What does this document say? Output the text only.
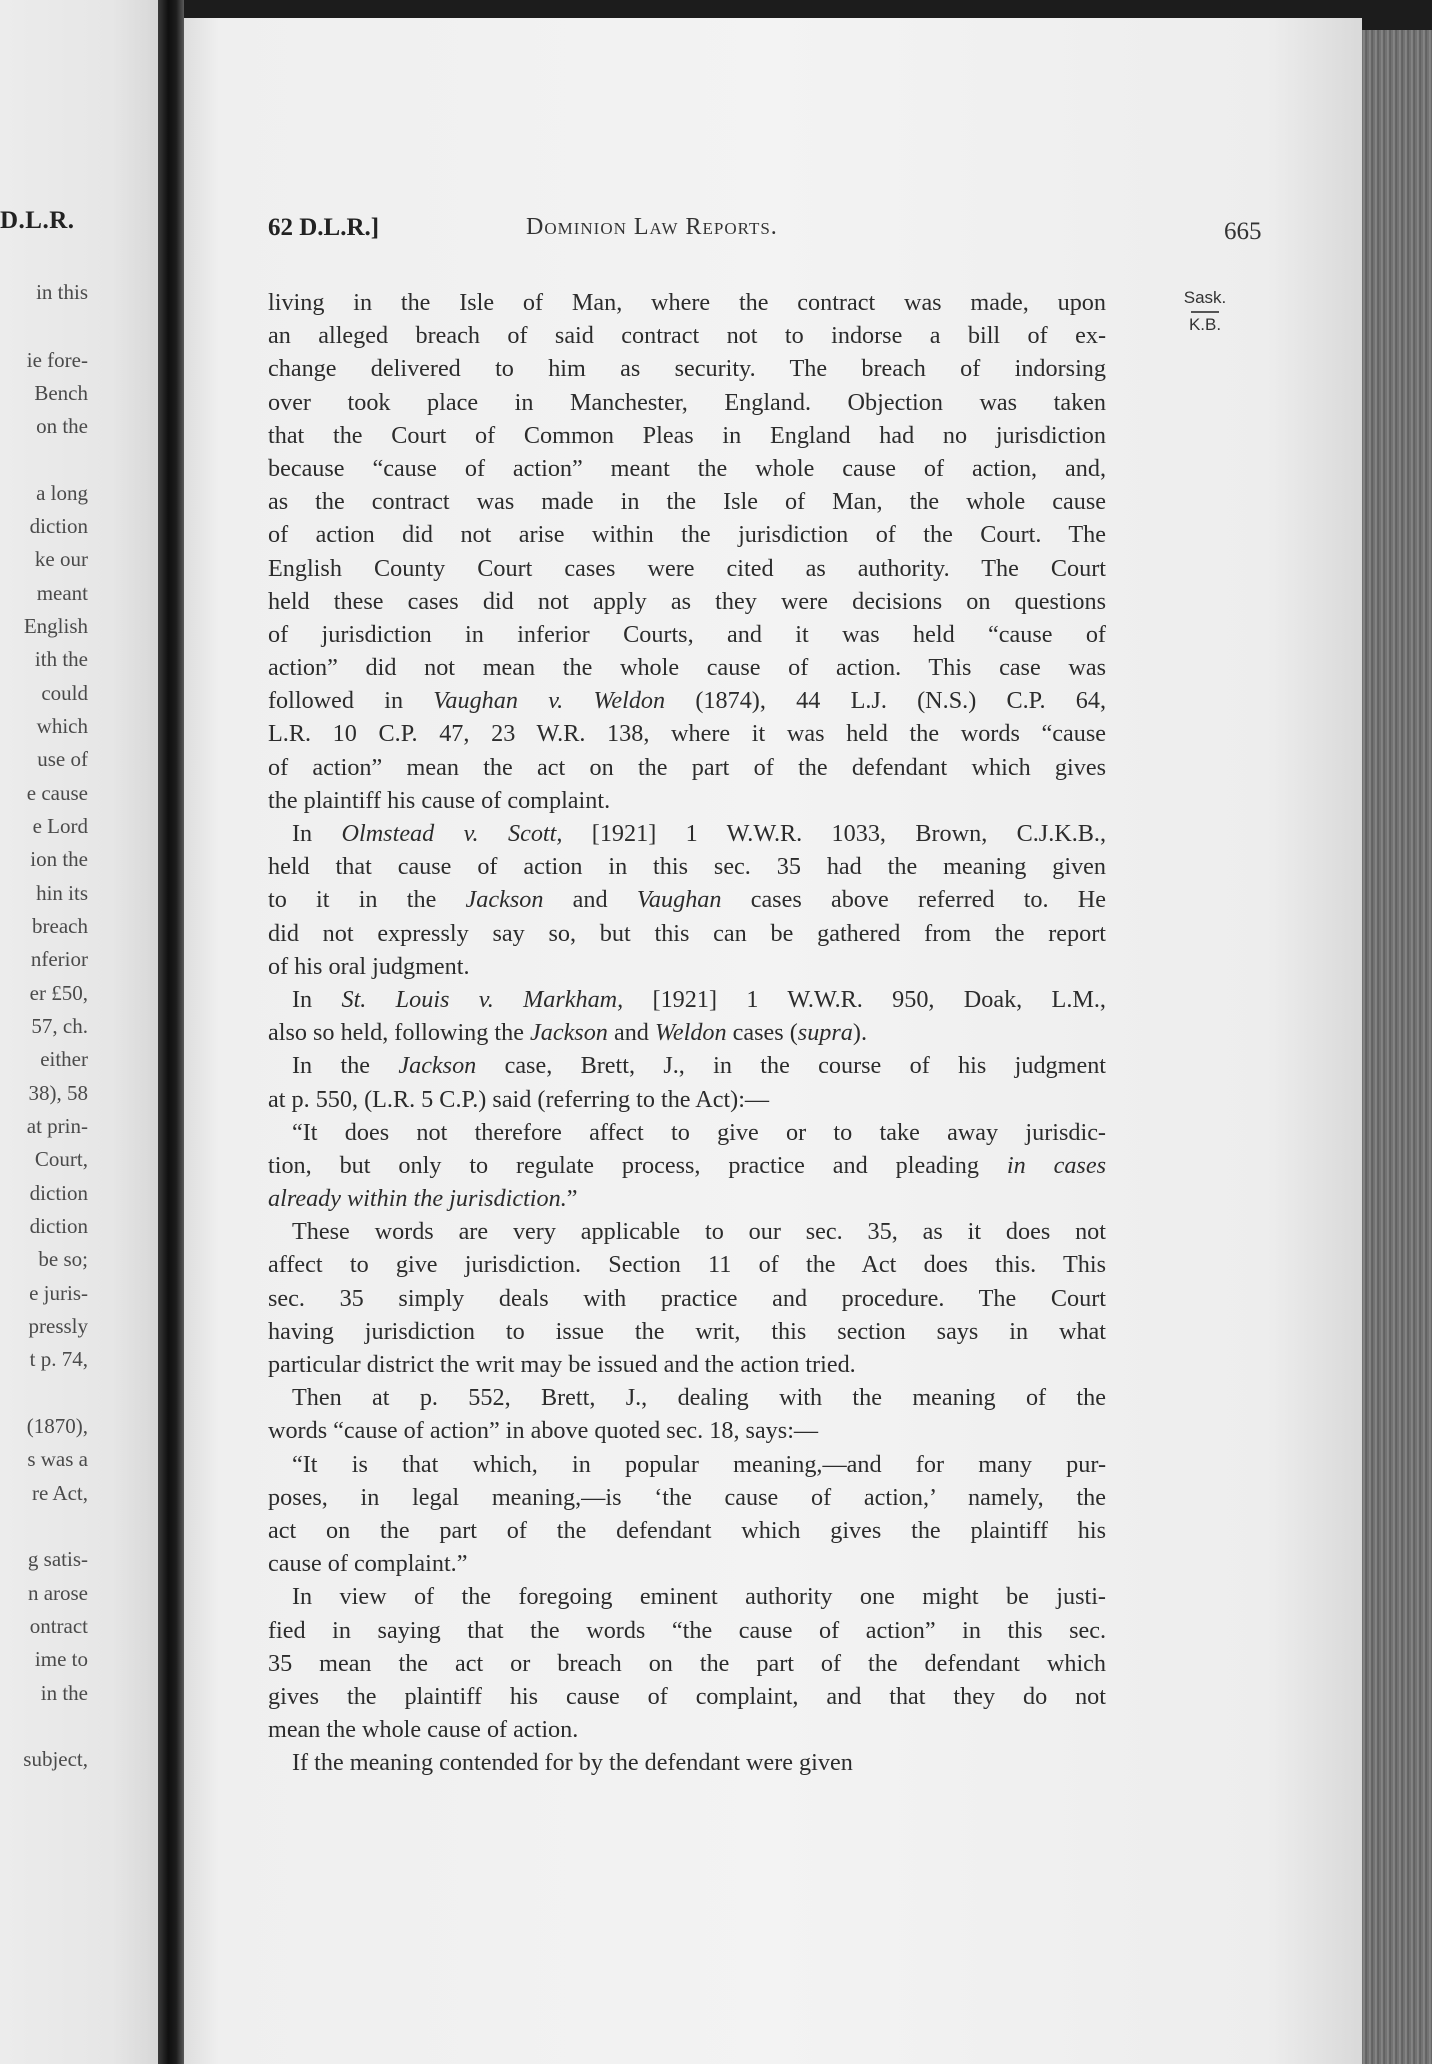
D.L.R.
in this
ie fore-
Bench
on the
a long
diction
ke our
meant
English
ith the
could
which
use of
e cause
e Lord
ion the
hin its
breach
nferior
er £50,
57, ch.
either
38), 58
at prin-
Court,
diction
diction
be so;
e juris-
pressly
t p. 74,
(1870),
s was a
re Act,
g satis-
n arose
ontract
ime to
in the
subject,
62 D.L.R.]	Dominion Law Reports.	665
Sask.
K.B.
living in the Isle of Man, where the contract was made, upon
an alleged breach of said contract not to indorse a bill of ex-
change delivered to him as security. The breach of indorsing
over took place in Manchester, England. Objection was taken
that the Court of Common Pleas in England had no jurisdiction
because “cause of action” meant the whole cause of action, and,
as the contract was made in the Isle of Man, the whole cause
of action did not arise within the jurisdiction of the Court. The
English County Court cases were cited as authority. The Court
held these cases did not apply as they were decisions on questions
of jurisdiction in inferior Courts, and it was held “cause of
action” did not mean the whole cause of action. This case was
followed in Vaughan v. Weldon (1874), 44 L.J. (N.S.) C.P. 64,
L.R. 10 C.P. 47, 23 W.R. 138, where it was held the words “cause
of action” mean the act on the part of the defendant which gives
the plaintiff his cause of complaint.
In Olmstead v. Scott, [1921] 1 W.W.R. 1033, Brown, C.J.K.B.,
held that cause of action in this sec. 35 had the meaning given
to it in the Jackson and Vaughan cases above referred to. He
did not expressly say so, but this can be gathered from the report
of his oral judgment.
In St. Louis v. Markham, [1921] 1 W.W.R. 950, Doak, L.M.,
also so held, following the Jackson and Weldon cases (supra).
In the Jackson case, Brett, J., in the course of his judgment
at p. 550, (L.R. 5 C.P.) said (referring to the Act):—
“It does not therefore affect to give or to take away jurisdic-
tion, but only to regulate process, practice and pleading in cases
already within the jurisdiction.”
These words are very applicable to our sec. 35, as it does not
affect to give jurisdiction. Section 11 of the Act does this. This
sec. 35 simply deals with practice and procedure. The Court
having jurisdiction to issue the writ, this section says in what
particular district the writ may be issued and the action tried.
Then at p. 552, Brett, J., dealing with the meaning of the
words “cause of action” in above quoted sec. 18, says:—
“It is that which, in popular meaning,—and for many pur-
poses, in legal meaning,—is ‘the cause of action,’ namely, the
act on the part of the defendant which gives the plaintiff his
cause of complaint.”
In view of the foregoing eminent authority one might be justi-
fied in saying that the words “the cause of action” in this sec.
35 mean the act or breach on the part of the defendant which
gives the plaintiff his cause of complaint, and that they do not
mean the whole cause of action.
If the meaning contended for by the defendant were given
